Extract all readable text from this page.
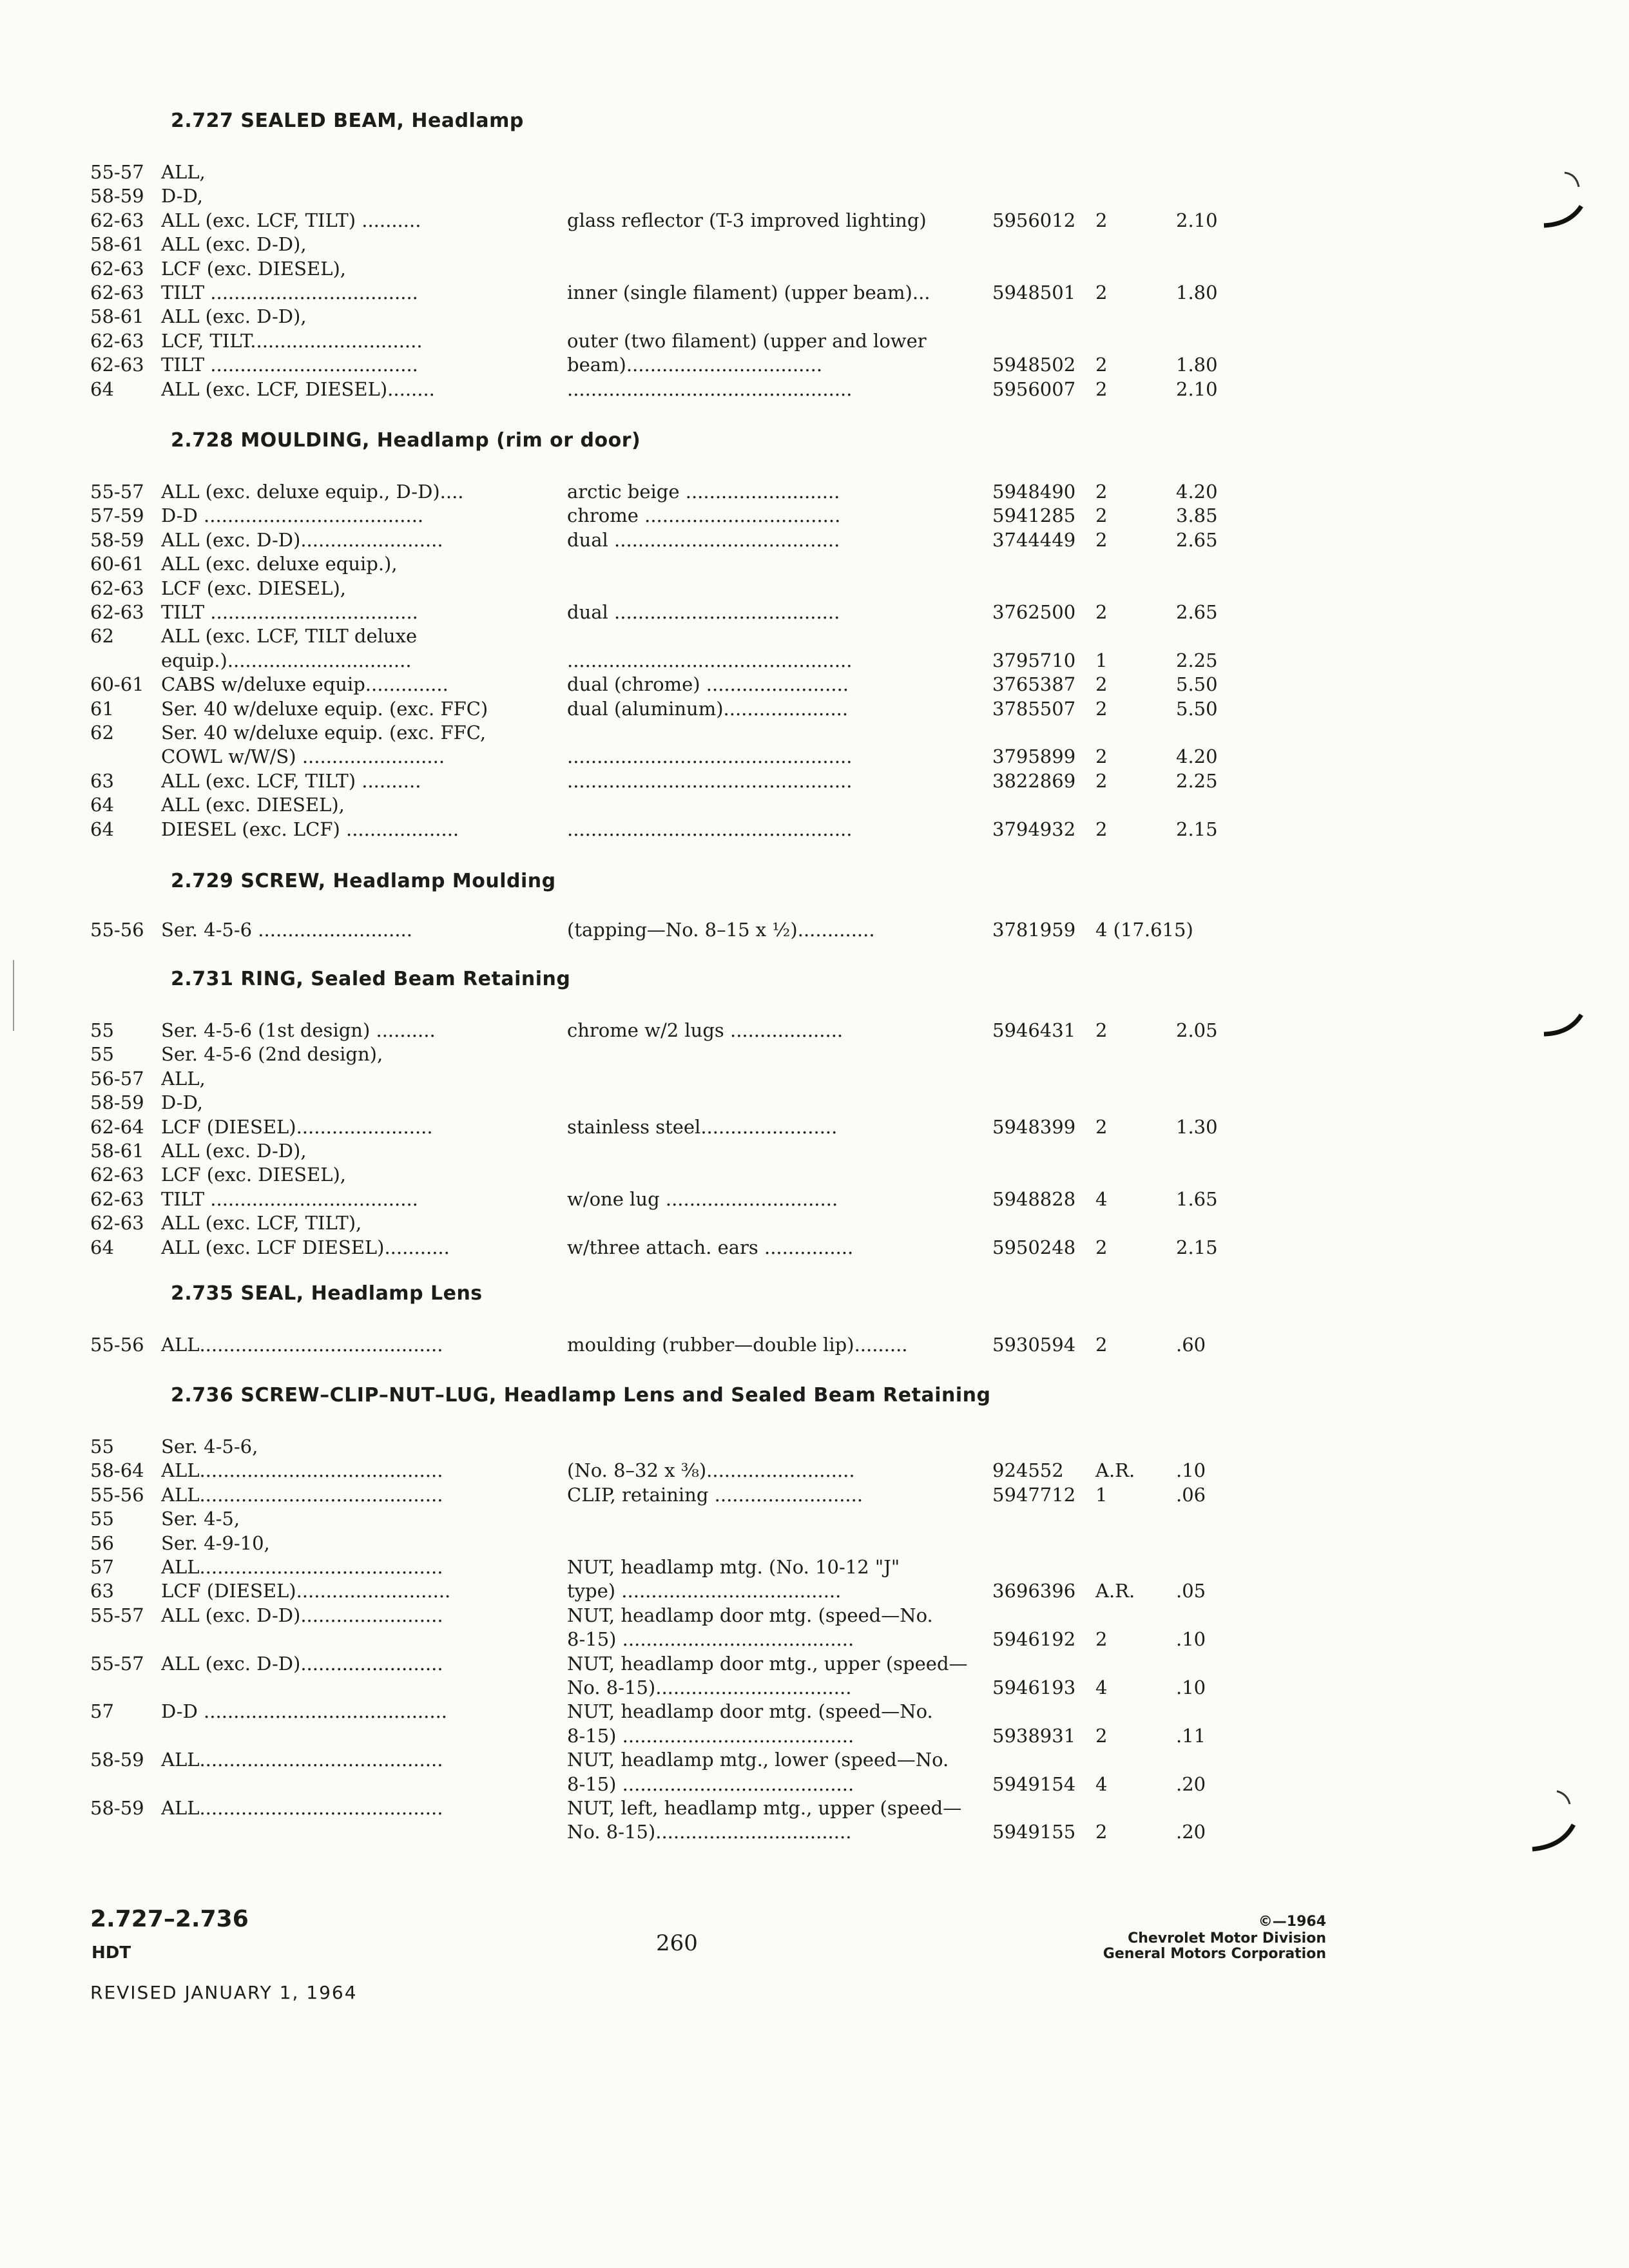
2.727 SEALED BEAM, Headlamp
55-57 ALL,
58-59 D-D,
62-63 ALL (exc. LCF, TILT) ..........	glass reflector (T-3 improved lighting)	5956012 2	2.10
58-61 ALL (exc. D-D),
62-63 LCF (exc. DIESEL),
62-63 TILT ...................................	inner (single filament) (upper beam)...	5948501 2	1.80
58-61 ALL (exc. D-D),
62-63 LCF, TILT.............................	outer (two filament) (upper and lower
62-63 TILT ...................................	beam).................................	5948502 2	1.80
64	ALL (exc. LCF, DIESEL)........	................................................	5956007 2	2.10
2.728 MOULDING, Headlamp (rim or door)
55-57 ALL (exc. deluxe equip., D-D)....	arctic beige ..........................	5948490 2	4.20
57-59 D-D .....................................	chrome .................................	5941285 2	3.85
58-59 ALL (exc. D-D)........................	dual ......................................	3744449 2	2.65
60-61 ALL (exc. deluxe equip.),
62-63 LCF (exc. DIESEL),
62-63 TILT ...................................	dual ......................................	3762500 2	2.65
62	ALL (exc. LCF, TILT deluxe
equip.)...............................	................................................	3795710 1	2.25
60-61 CABS w/deluxe equip..............	dual (chrome) ........................	3765387 2	5.50
61	Ser. 40 w/deluxe equip. (exc. FFC)	dual (aluminum).....................	3785507 2	5.50
62	Ser. 40 w/deluxe equip. (exc. FFC,
COWL w/W/S) ........................	................................................	3795899 2	4.20
63	ALL (exc. LCF, TILT) ..........	................................................	3822869 2	2.25
64	ALL (exc. DIESEL),
64	DIESEL (exc. LCF) ...................	................................................	3794932 2	2.15
2.729 SCREW, Headlamp Moulding
55-56 Ser. 4-5-6 ..........................	(tapping—No. 8–15 x ½).............	3781959 4 (17.615)
2.731 RING, Sealed Beam Retaining
55	Ser. 4-5-6 (1st design) ..........	chrome w/2 lugs ...................	5946431 2	2.05
55	Ser. 4-5-6 (2nd design),
56-57 ALL,
58-59 D-D,
62-64 LCF (DIESEL).......................	stainless steel.......................	5948399 2	1.30
58-61 ALL (exc. D-D),
62-63 LCF (exc. DIESEL),
62-63 TILT ...................................	w/one lug .............................	5948828 4	1.65
62-63 ALL (exc. LCF, TILT),
64	ALL (exc. LCF DIESEL)...........	w/three attach. ears ...............	5950248 2	2.15
2.735 SEAL, Headlamp Lens
55-56 ALL.........................................	moulding (rubber—double lip).........	5930594 2	.60
2.736 SCREW–CLIP–NUT–LUG, Headlamp Lens and Sealed Beam Retaining
55	Ser. 4-5-6,
58-64 ALL.........................................	(No. 8–32 x ⅜).........................	924552 A.R. .10
55-56 ALL.........................................	CLIP, retaining .........................	5947712 1	.06
55	Ser. 4-5,
56	Ser. 4-9-10,
57	ALL.........................................	NUT, headlamp mtg. (No. 10-12 "J"
63	LCF (DIESEL)..........................	type) .....................................	3696396 A.R. .05
55-57 ALL (exc. D-D)........................	NUT, headlamp door mtg. (speed—No.
8-15) .......................................	5946192 2	.10
55-57 ALL (exc. D-D)........................	NUT, headlamp door mtg., upper (speed—
No. 8-15).................................	5946193 4	.10
57	D-D .........................................	NUT, headlamp door mtg. (speed—No.
8-15) .......................................	5938931 2	.11
58-59 ALL.........................................	NUT, headlamp mtg., lower (speed—No.
8-15) .......................................	5949154 4	.20
58-59 ALL.........................................	NUT, left, headlamp mtg., upper (speed—
No. 8-15).................................	5949155 2	.20
2.727–2.736
HDT	260
©—1964
Chevrolet Motor Division
General Motors Corporation
REVISED JANUARY 1, 1964
